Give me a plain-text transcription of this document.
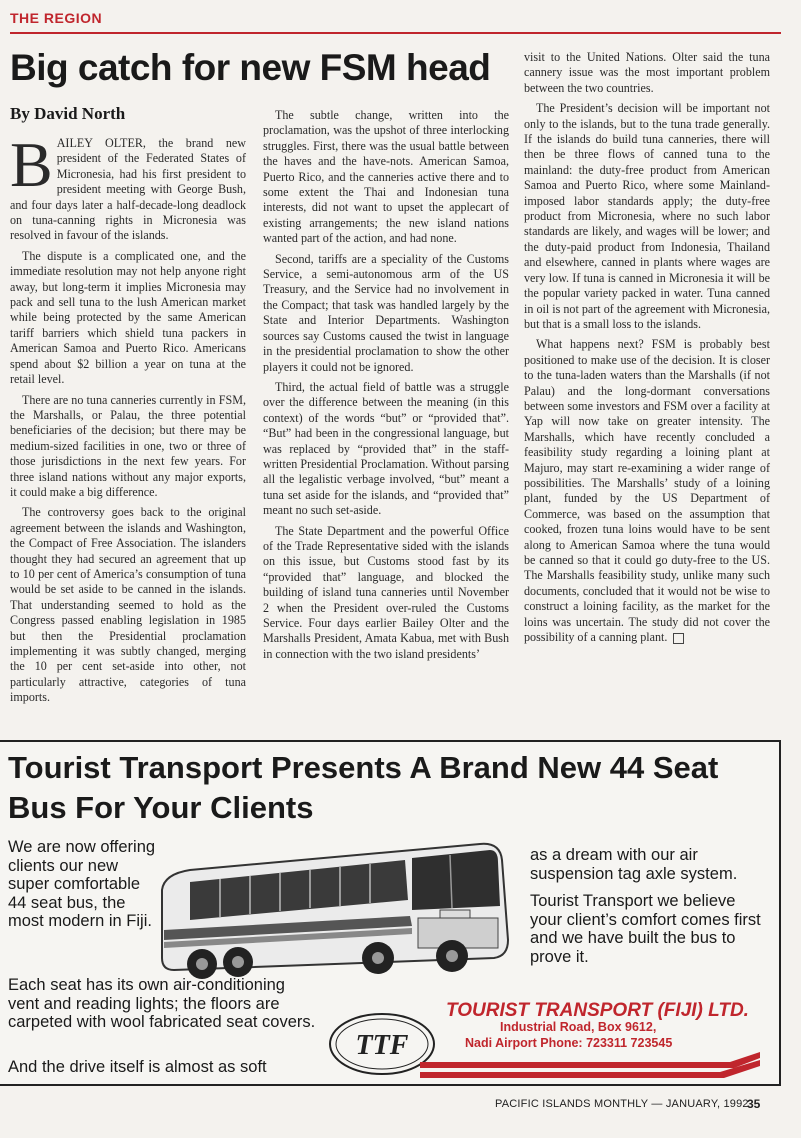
THE REGION
Big catch for new FSM head
By David North

BAILEY OLTER, the brand new president of the Federated States of Micronesia, had his first president to president meeting with George Bush, and four days later a half-decade-long deadlock on tuna-canning rights in Micronesia was resolved in favour of the islands.

The dispute is a complicated one, and the immediate resolution may not help anyone right away, but long-term it implies Micronesia may pack and sell tuna to the lush American market while being protected by the same American tariff barriers which shield tuna packers in American Samoa and Puerto Rico. Americans spend about $2 billion a year on tuna at the retail level.

There are no tuna canneries currently in FSM, the Marshalls, or Palau, the three potential beneficiaries of the decision; but there may be medium-sized facilities in one, two or three of those jurisdictions in the next few years. For three island nations without any major exports, it could make a big difference.

The controversy goes back to the original agreement between the islands and Washington, the Compact of Free Association. The islanders thought they had secured an agreement that up to 10 per cent of America’s consumption of tuna would be set aside to be canned in the islands. That understanding seemed to hold as the Congress passed enabling legislation in 1985 but then the Presidential proclamation implementing it was subtly changed, merging the 10 per cent set-aside into other, not particularly attractive, categories of tuna imports.

The subtle change, written into the proclamation, was the upshot of three interlocking struggles. First, there was the usual battle between the haves and the have-nots. American Samoa, Puerto Rico, and the canneries active there and to some extent the Thai and Indonesian tuna interests, did not want to upset the applecart of existing arrangements; the new island nations wanted part of the action, and had none.

Second, tariffs are a speciality of the Customs Service, a semi-autonomous arm of the US Treasury, and the Service had no involvement in the Compact; that task was handled largely by the State and Interior Departments. Washington sources say Customs caused the twist in language in the presidential proclamation to show the other players it could not be ignored.

Third, the actual field of battle was a struggle over the difference between the meaning (in this context) of the words “but” or “provided that”. “But” had been in the congressional language, but was replaced by “provided that” in the staff-written Presidential Proclamation. Without parsing all the legalistic verbage involved, “but” meant a tuna set aside for the islands, and “provided that” meant no such set-aside.

The State Department and the powerful Office of the Trade Representative sided with the islands on this issue, but Customs stood fast by its “provided that” language, and blocked the building of island tuna canneries until November 2 when the President over-ruled the Customs Service. Four days earlier Bailey Olter and the Marshalls President, Amata Kabua, met with Bush in connection with the two island presidents’

visit to the United Nations. Olter said the tuna cannery issue was the most important problem between the two countries.

The President’s decision will be important not only to the islands, but to the tuna trade generally. If the islands do build tuna canneries, there will then be three flows of canned tuna to the mainland: the duty-free product from American Samoa and Puerto Rico, where some Mainland-imposed labor standards apply; the duty-free product from Micronesia, where no such labor standards are likely, and wages will be lower; and the duty-paid product from Indonesia, Thailand and elsewhere, canned in plants where wages are very low. If tuna is canned in Micronesia it will be the popular variety packed in water. Tuna canned in oil is not part of the agreement with Micronesia, but that is a small loss to the islands.

What happens next? FSM is probably best positioned to make use of the decision. It is closer to the tuna-laden waters than the Marshalls (if not Palau) and the long-dormant conversations between some investors and FSM over a facility at Yap will now take on greater intensity. The Marshalls, which have recently concluded a feasibility study regarding a loining plant at Majuro, may start re-examining a wider range of possibilities. The Marshalls’ study of a loining plant, funded by the US Department of Commerce, was based on the assumption that cooked, frozen tuna loins would have to be sent along to American Samoa where the tuna would be canned so that it could go duty-free to the US. The Marshalls feasibility study, unlike many such documents, concluded that it would not be wise to construct a loining facility, as the market for the loins was uncertain. The study did not cover the possibility of a canning plant.

Tourist Transport Presents A Brand New 44 Seat Bus For Your Clients
We are now offering clients our new super comfortable 44 seat bus, the most modern in Fiji.
as a dream with our air suspension tag axle system.
Tourist Transport we believe your client’s comfort comes first and we have built the bus to prove it.
Each seat has its own air-conditioning vent and reading lights; the floors are carpeted with wool fabricated seat covers.
And the drive itself is almost as soft
TTF
TOURIST TRANSPORT (FIJI) LTD.
Industrial Road, Box 9612,
Nadi Airport Phone: 723311 723545
PACIFIC ISLANDS MONTHLY — JANUARY, 1992
35
